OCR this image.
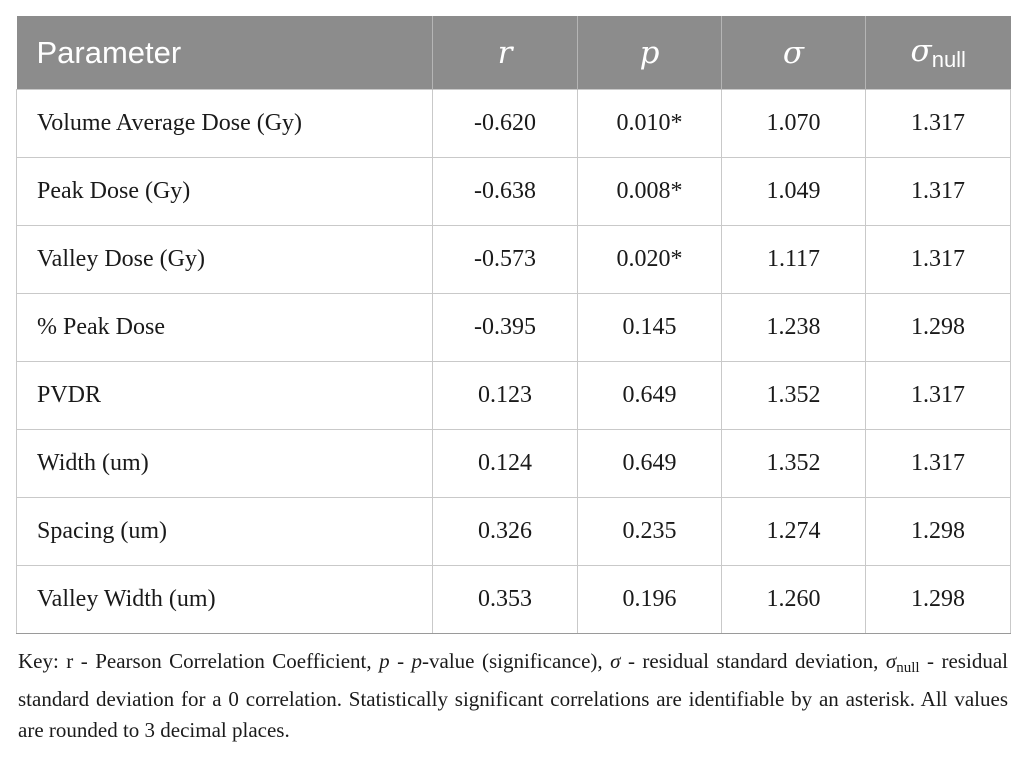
Parameter	r	p	σ	$\sigma_{null}$
Volume Average Dose (Gy)	-0.620	0.010*	1.070	1.317
Peak Dose (Gy)	-0.638	0.008*	1.049	1.317
Valley Dose (Gy)	-0.573	0.020*	1.117	1.317
% Peak Dose	-0.395	0.145	1.238	1.298
PVDR	0.123	0.649	1.352	1.317
Width (um)	0.124	0.649	1.352	1.317
Spacing (um)	0.326	0.235	1.274	1.298
Valley Width (um)	0.353	0.196	1.260	1.298
Key: r - Pearson Correlation Coefficient, p - p-value (significance), σ - residual standard deviation, $\sigma_{null}$ - residual standard deviation for a 0 correlation. Statistically significant correlations are identifiable by an asterisk. All values are rounded to 3 decimal places.
